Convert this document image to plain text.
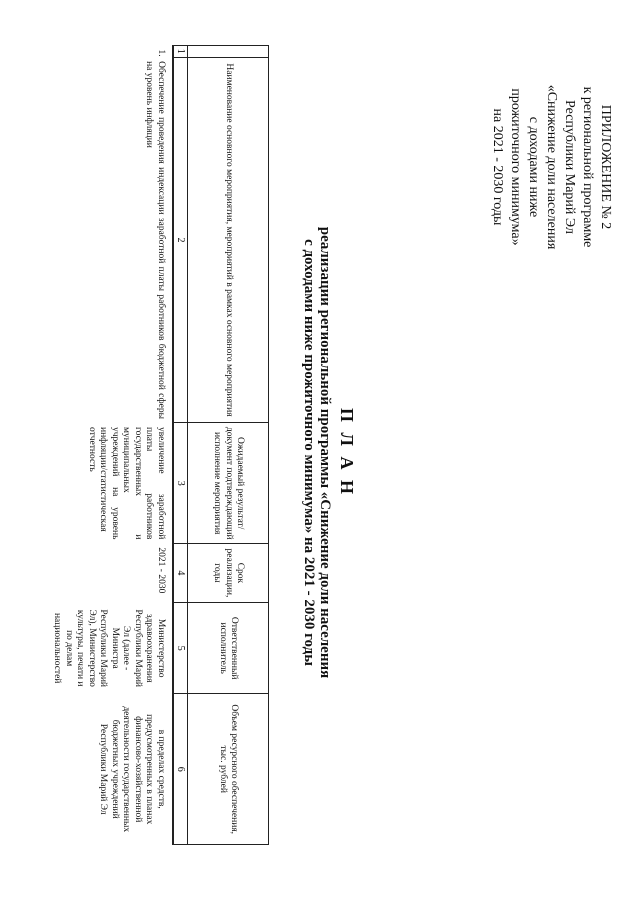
ПРИЛОЖЕНИЕ № 2
к региональной программе
Республики Марий Эл
«Снижение доли населения
с доходами ниже
прожиточного минимума»
на 2021 - 2030 годы
П Л А Н
реализации региональной программы «Снижение доли населения
с доходами ниже прожиточного минимума» на 2021 - 2030 годы
	Наименование основного мероприятия, мероприятий в рамках основного мероприятия	Ожидаемый результат/ документ подтверждающий исполнение мероприятия	Срок реализации, годы	Ответственный исполнитель	Объем ресурсного обеспечения, тыс. рублей
1	2	3	4	5	6
1.	Обеспечение проведения индексации заработной платы работников бюджетной сферы на уровень инфляции	увеличение заработной платы работников государственных и муниципальных учреждений на уровень инфляции/статистическая отчетность	2021 - 2030	Министерство здравоохранения Республики Марий Эл (далее - Министра Республики Марий Эл), Министерство культуры, печати и по делам национальностей	в пределах средств, предусмотренных в планах финансово-хозяйственной деятельности государственных бюджетных учреждений Республики Марий Эл
